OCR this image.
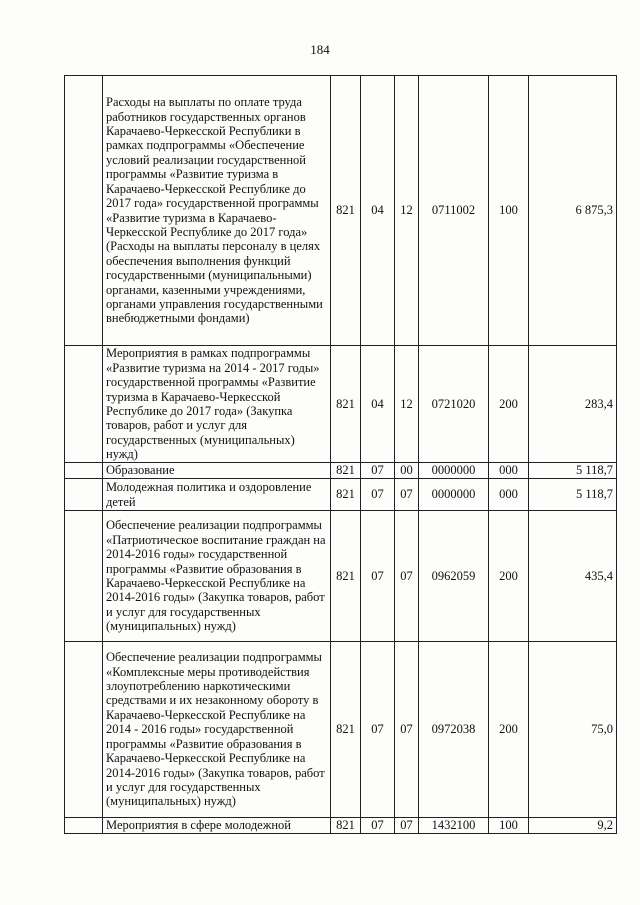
184
	Расходы на выплаты по оплате труда работников государственных органов Карачаево-Черкесской Республики в рамках подпрограммы «Обеспечение условий реализации государственной программы «Развитие туризма в Карачаево-Черкесской Республике до 2017 года» государственной программы «Развитие туризма в Карачаево-Черкесской Республике до 2017 года» (Расходы на выплаты персоналу в целях обеспечения выполнения функций государственными (муниципальными) органами, казенными учреждениями, органами управления государственными внебюджетными фондами)	821	04	12	0711002	100	6 875,3
	Мероприятия в рамках подпрограммы «Развитие туризма на 2014 - 2017 годы» государственной программы «Развитие туризма в Карачаево-Черкесской Республике до 2017 года» (Закупка товаров, работ и услуг для государственных (муниципальных) нужд)	821	04	12	0721020	200	283,4
	Образование	821	07	00	0000000	000	5 118,7
	Молодежная политика и оздоровление детей	821	07	07	0000000	000	5 118,7
	Обеспечение реализации подпрограммы «Патриотическое воспитание граждан на 2014-2016 годы» государственной программы «Развитие образования в Карачаево-Черкесской Республике на 2014-2016 годы» (Закупка товаров, работ и услуг для государственных (муниципальных) нужд)	821	07	07	0962059	200	435,4
	Обеспечение реализации подпрограммы «Комплексные меры противодействия злоупотреблению наркотическими средствами и их незаконному обороту в Карачаево-Черкесской Республике на 2014 - 2016 годы» государственной программы «Развитие образования в Карачаево-Черкесской Республике на 2014-2016 годы» (Закупка товаров, работ и услуг для государственных (муниципальных) нужд)	821	07	07	0972038	200	75,0
	Мероприятия в сфере молодежной	821	07	07	1432100	100	9,2
